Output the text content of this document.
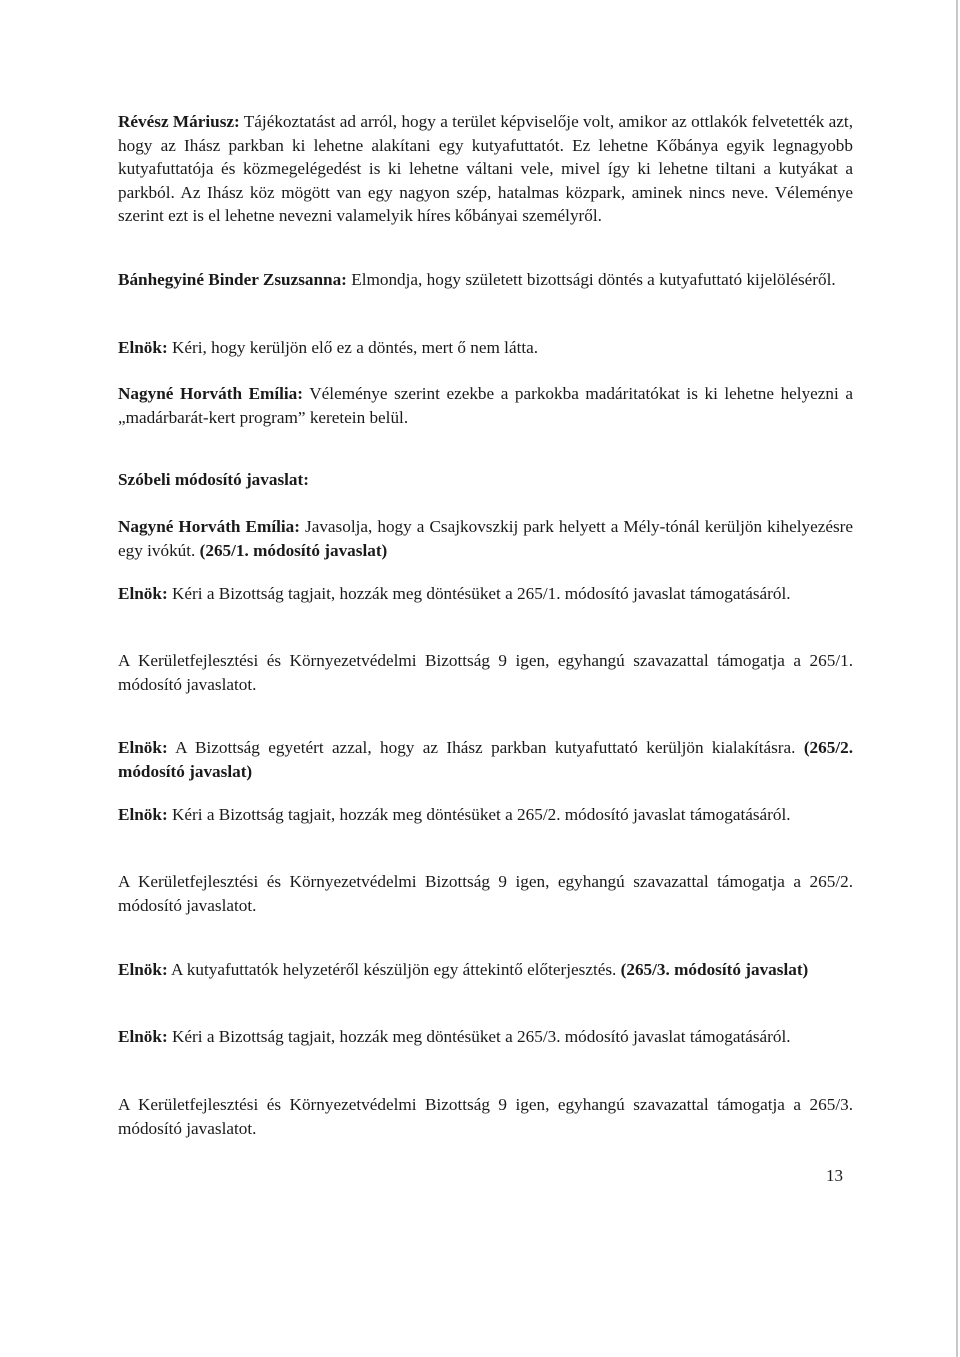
Révész Máriusz: Tájékoztatást ad arról, hogy a terület képviselője volt, amikor az ottlakók felvetették azt, hogy az Ihász parkban ki lehetne alakítani egy kutyafuttatót. Ez lehetne Kőbánya egyik legnagyobb kutyafuttatója és közmegelégedést is ki lehetne váltani vele, mivel így ki lehetne tiltani a kutyákat a parkból. Az Ihász köz mögött van egy nagyon szép, hatalmas közpark, aminek nincs neve. Véleménye szerint ezt is el lehetne nevezni valamelyik híres kőbányai személyről.

Bánhegyiné Binder Zsuzsanna: Elmondja, hogy született bizottsági döntés a kutyafuttató kijelöléséről.

Elnök: Kéri, hogy kerüljön elő ez a döntés, mert ő nem látta.

Nagyné Horváth Emília: Véleménye szerint ezekbe a parkokba madáritatókat is ki lehetne helyezni a „madárbarát-kert program” keretein belül.

Szóbeli módosító javaslat:

Nagyné Horváth Emília: Javasolja, hogy a Csajkovszkij park helyett a Mély-tónál kerüljön kihelyezésre egy ivókút. (265/1. módosító javaslat)

Elnök: Kéri a Bizottság tagjait, hozzák meg döntésüket a 265/1. módosító javaslat támogatásáról.

A Kerületfejlesztési és Környezetvédelmi Bizottság 9 igen, egyhangú szavazattal támogatja a 265/1. módosító javaslatot.

Elnök: A Bizottság egyetért azzal, hogy az Ihász parkban kutyafuttató kerüljön kialakításra. (265/2. módosító javaslat)

Elnök: Kéri a Bizottság tagjait, hozzák meg döntésüket a 265/2. módosító javaslat támogatásáról.

A Kerületfejlesztési és Környezetvédelmi Bizottság 9 igen, egyhangú szavazattal támogatja a 265/2. módosító javaslatot.

Elnök: A kutyafuttatók helyzetéről készüljön egy áttekintő előterjesztés. (265/3. módosító javaslat)

Elnök: Kéri a Bizottság tagjait, hozzák meg döntésüket a 265/3. módosító javaslat támogatásáról.

A Kerületfejlesztési és Környezetvédelmi Bizottság 9 igen, egyhangú szavazattal támogatja a 265/3. módosító javaslatot.

13
